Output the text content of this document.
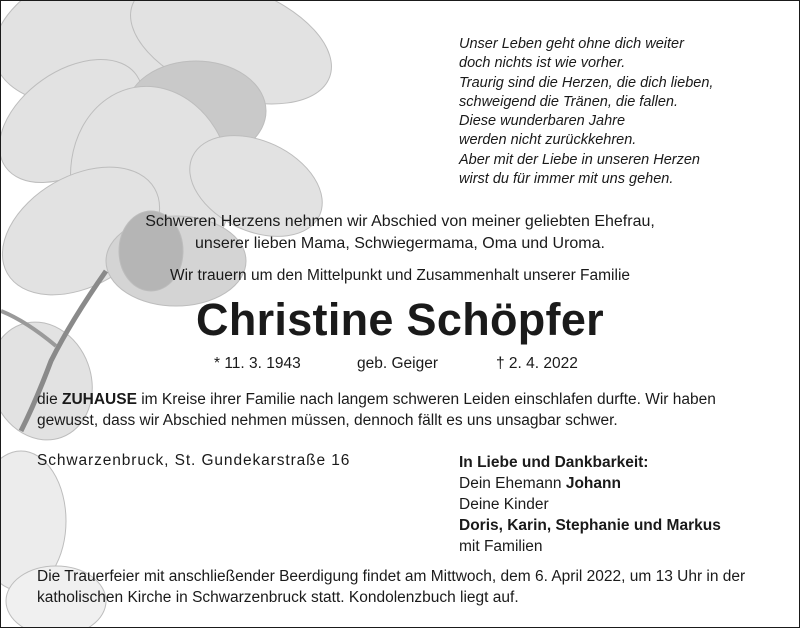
Unser Leben geht ohne dich weiter
doch nichts ist wie vorher.
Traurig sind die Herzen, die dich lieben,
schweigend die Tränen, die fallen.
Diese wunderbaren Jahre
werden nicht zurückkehren.
Aber mit der Liebe in unseren Herzen
wirst du für immer mit uns gehen.
Schweren Herzens nehmen wir Abschied von meiner geliebten Ehefrau,
unserer lieben Mama, Schwiegermama, Oma und Uroma.
Wir trauern um den Mittelpunkt und Zusammenhalt unserer Familie
Christine Schöpfer
* 11. 3. 1943	geb. Geiger	† 2. 4. 2022
die ZUHAUSE im Kreise ihrer Familie nach langem schweren Leiden einschlafen durfte. Wir haben gewusst, dass wir Abschied nehmen müssen, dennoch fällt es uns unsagbar schwer.
Schwarzenbruck, St. Gundekarstraße 16	In Liebe und Dankbarkeit:
Dein Ehemann Johann
Deine Kinder
Doris, Karin, Stephanie und Markus
mit Familien
Die Trauerfeier mit anschließender Beerdigung findet am Mittwoch, dem 6. April 2022, um 13 Uhr in der katholischen Kirche in Schwarzenbruck statt. Kondolenzbuch liegt auf.
